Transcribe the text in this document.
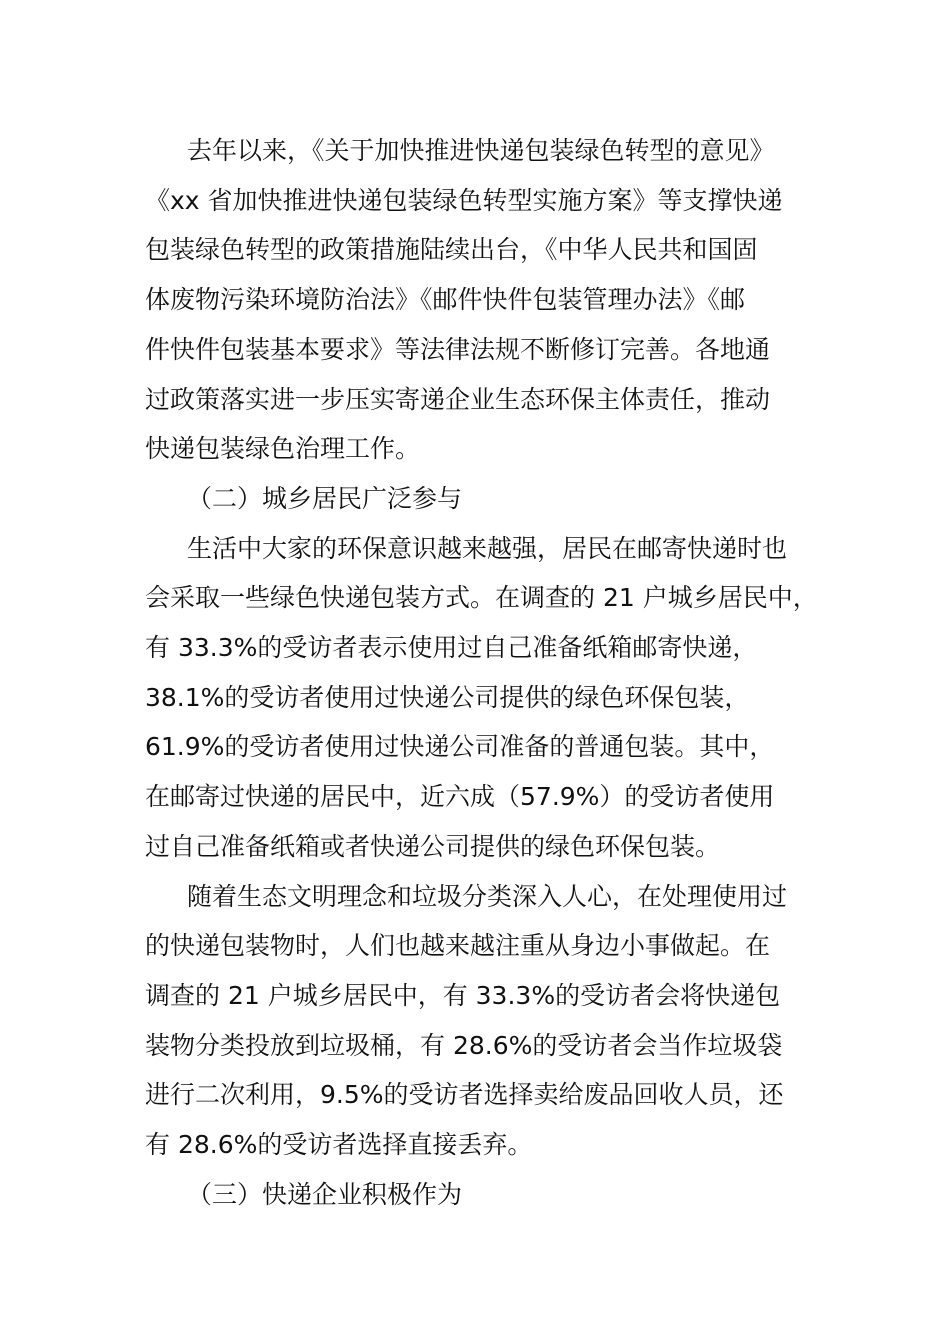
去年以来，《关于加快推进快递包装绿色转型的意见》
《xx 省加快推进快递包装绿色转型实施方案》等支撑快递
包装绿色转型的政策措施陆续出台，《中华人民共和国固
体废物污染环境防治法》《邮件快件包装管理办法》《邮
件快件包装基本要求》等法律法规不断修订完善。各地通
过政策落实进一步压实寄递企业生态环保主体责任，推动
快递包装绿色治理工作。
（二）城乡居民广泛参与
生活中大家的环保意识越来越强，居民在邮寄快递时也
会采取一些绿色快递包装方式。在调查的 21 户城乡居民中，
有 33.3%的受访者表示使用过自己准备纸箱邮寄快递，
38.1%的受访者使用过快递公司提供的绿色环保包装，
61.9%的受访者使用过快递公司准备的普通包装。其中，
在邮寄过快递的居民中，近六成（57.9%）的受访者使用
过自己准备纸箱或者快递公司提供的绿色环保包装。
随着生态文明理念和垃圾分类深入人心，在处理使用过
的快递包装物时，人们也越来越注重从身边小事做起。在
调查的 21 户城乡居民中，有 33.3%的受访者会将快递包
装物分类投放到垃圾桶，有 28.6%的受访者会当作垃圾袋
进行二次利用，9.5%的受访者选择卖给废品回收人员，还
有 28.6%的受访者选择直接丢弃。
（三）快递企业积极作为
